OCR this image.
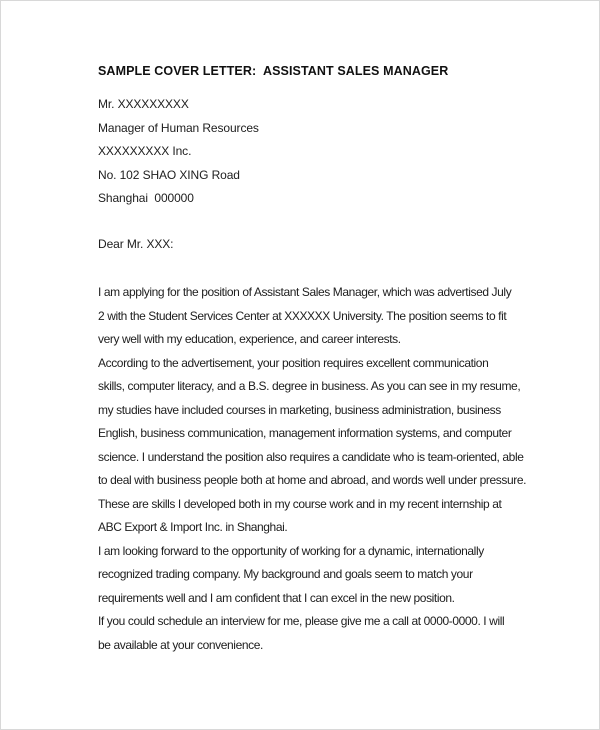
SAMPLE COVER LETTER:  ASSISTANT SALES MANAGER
Mr. XXXXXXXXX
Manager of Human Resources
XXXXXXXXX Inc.
No. 102 SHAO XING Road
Shanghai  000000
Dear Mr. XXX:
I am applying for the position of Assistant Sales Manager, which was advertised July
2 with the Student Services Center at XXXXXX University. The position seems to fit
very well with my education, experience, and career interests.
According to the advertisement, your position requires excellent communication
skills, computer literacy, and a B.S. degree in business. As you can see in my resume,
my studies have included courses in marketing, business administration, business
English, business communication, management information systems, and computer
science. I understand the position also requires a candidate who is team-oriented, able
to deal with business people both at home and abroad, and words well under pressure.
These are skills I developed both in my course work and in my recent internship at
ABC Export & Import Inc. in Shanghai.
I am looking forward to the opportunity of working for a dynamic, internationally
recognized trading company. My background and goals seem to match your
requirements well and I am confident that I can excel in the new position.
If you could schedule an interview for me, please give me a call at 0000-0000. I will
be available at your convenience.
